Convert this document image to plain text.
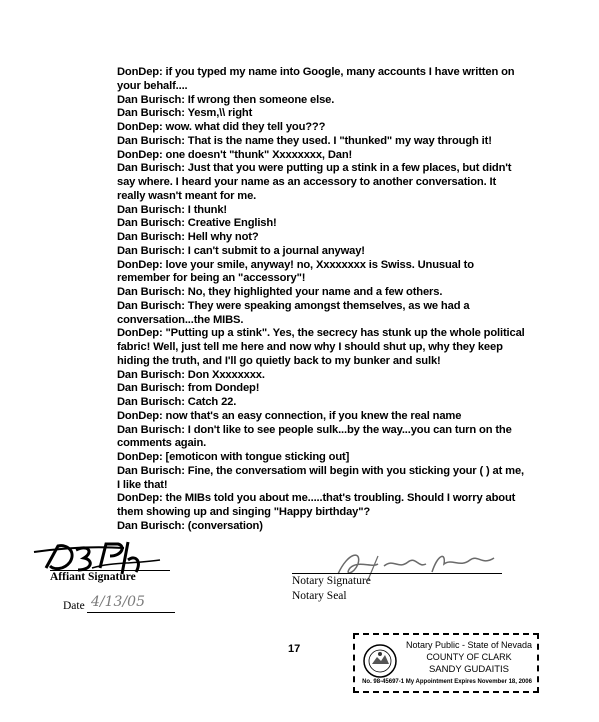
DonDep: if you typed my name into Google, many accounts I have written on your behalf....
Dan Burisch: If wrong then someone else.
Dan Burisch: Yesm,\\ right
DonDep: wow. what did they tell you???
Dan Burisch: That is the name they used. I "thunked" my way through it!
DonDep: one doesn't "thunk" Xxxxxxxx, Dan!
Dan Burisch: Just that you were putting up a stink in a few places, but didn't say where. I heard your name as an accessory to another conversation. It really wasn't meant for me.
Dan Burisch: I thunk!
Dan Burisch: Creative English!
Dan Burisch: Hell why not?
Dan Burisch: I can't submit to a journal anyway!
DonDep: love your smile, anyway! no, Xxxxxxxx is Swiss. Unusual to remember for being an "accessory"!
Dan Burisch: No, they highlighted your name and a few others.
Dan Burisch: They were speaking amongst themselves, as we had a conversation...the MIBS.
DonDep: "Putting up a stink". Yes, the secrecy has stunk up the whole political fabric! Well, just tell me here and now why I should shut up, why they keep hiding the truth, and I'll go quietly back to my bunker and sulk!
Dan Burisch: Don Xxxxxxxx.
Dan Burisch: from Dondep!
Dan Burisch: Catch 22.
DonDep: now that's an easy connection, if you knew the real name
Dan Burisch: I don't like to see people sulk...by the way...you can turn on the comments again.
DonDep: [emoticon with tongue sticking out]
Dan Burisch: Fine, the conversatiom will begin with you sticking your ( ) at me, I like that!
DonDep: the MIBs told you about me.....that's troubling. Should I worry about them showing up and singing "Happy birthday"?
Dan Burisch: (conversation)
Affiant Signature
Date 4/13/05
Notary Signature
Notary Seal
17	Notary Public - State of Nevada
COUNTY OF CLARK
SANDY GUDAITIS
No. 98-45697-1 My Appointment Expires November 18, 2006
